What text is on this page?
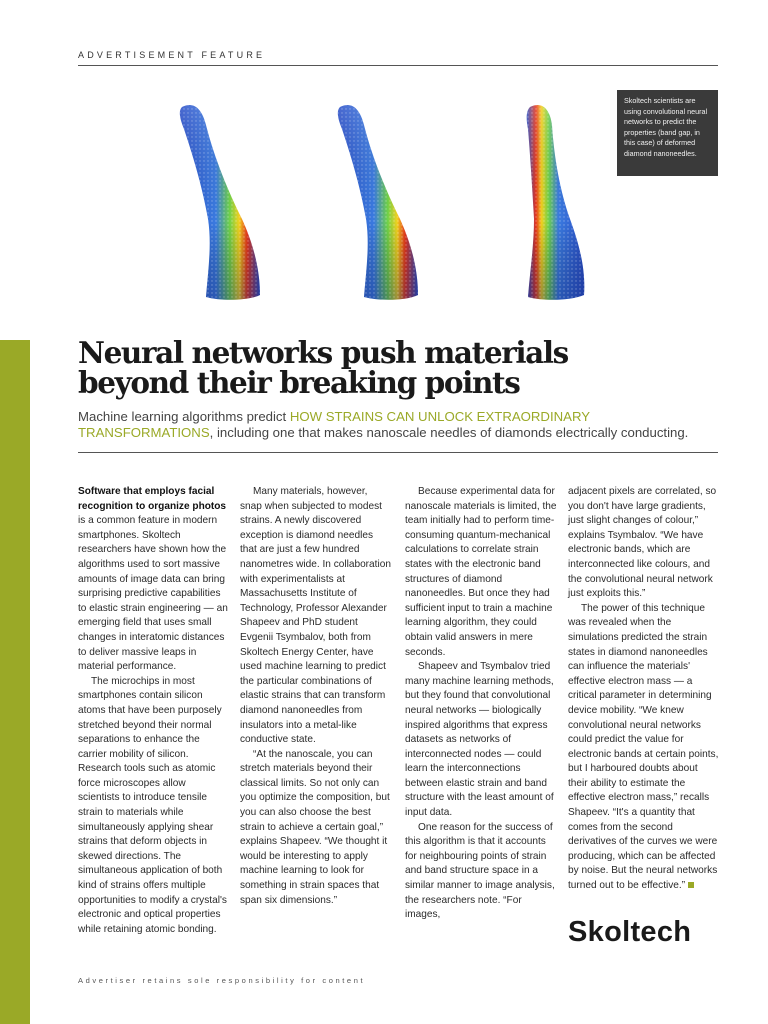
ADVERTISEMENT FEATURE
Skoltech scientists are using convolutional neural networks to predict the properties (band gap, in this case) of deformed diamond nanoneedles.
Neural networks push materials
beyond their breaking points

Machine learning algorithms predict HOW STRAINS CAN UNLOCK EXTRAORDINARY TRANSFORMATIONS, including one that makes nanoscale needles of diamonds electrically conducting.

Software that employs facial recognition to organize photos is a common feature in modern smartphones. Skoltech researchers have shown how the algorithms used to sort massive amounts of image data can bring surprising predictive capabilities to elastic strain engineering — an emerging field that uses small changes in interatomic distances to deliver massive leaps in material performance.

The microchips in most smartphones contain silicon atoms that have been purposely stretched beyond their normal separations to enhance the carrier mobility of silicon. Research tools such as atomic force microscopes allow scientists to introduce tensile strain to materials while simultaneously applying shear strains that deform objects in skewed directions. The simultaneous application of both kind of strains offers multiple opportunities to modify a crystal's electronic and optical properties while retaining atomic bonding.

Many materials, however, snap when subjected to modest strains. A newly discovered exception is diamond needles that are just a few hundred nanometres wide. In collaboration with experimentalists at Massachusetts Institute of Technology, Professor Alexander Shapeev and PhD student Evgenii Tsymbalov, both from Skoltech Energy Center, have used machine learning to predict the particular combinations of elastic strains that can transform diamond nanoneedles from insulators into a metal-like conductive state.

“At the nanoscale, you can stretch materials beyond their classical limits. So not only can you optimize the composition, but you can also choose the best strain to achieve a certain goal,” explains Shapeev. “We thought it would be interesting to apply machine learning to look for something in strain spaces that span six dimensions.”

Because experimental data for nanoscale materials is limited, the team initially had to perform time-consuming quantum-mechanical calculations to correlate strain states with the electronic band structures of diamond nanoneedles. But once they had sufficient input to train a machine learning algorithm, they could obtain valid answers in mere seconds.

Shapeev and Tsymbalov tried many machine learning methods, but they found that convolutional neural networks — biologically inspired algorithms that express datasets as networks of interconnected nodes — could learn the interconnections between elastic strain and band structure with the least amount of input data.

One reason for the success of this algorithm is that it accounts for neighbouring points of strain and band structure space in a similar manner to image analysis, the researchers note. “For images,

adjacent pixels are correlated, so you don't have large gradients, just slight changes of colour,” explains Tsymbalov. “We have electronic bands, which are interconnected like colours, and the convolutional neural network just exploits this.”

The power of this technique was revealed when the simulations predicted the strain states in diamond nanoneedles can influence the materials' effective electron mass — a critical parameter in determining device mobility. “We knew convolutional neural networks could predict the value for electronic bands at certain points, but I harboured doubts about their ability to estimate the effective electron mass,” recalls Shapeev. “It's a quantity that comes from the second derivatives of the curves we were producing, which can be affected by noise. But the neural networks turned out to be effective.”

Skoltech
Advertiser retains sole responsibility for content
